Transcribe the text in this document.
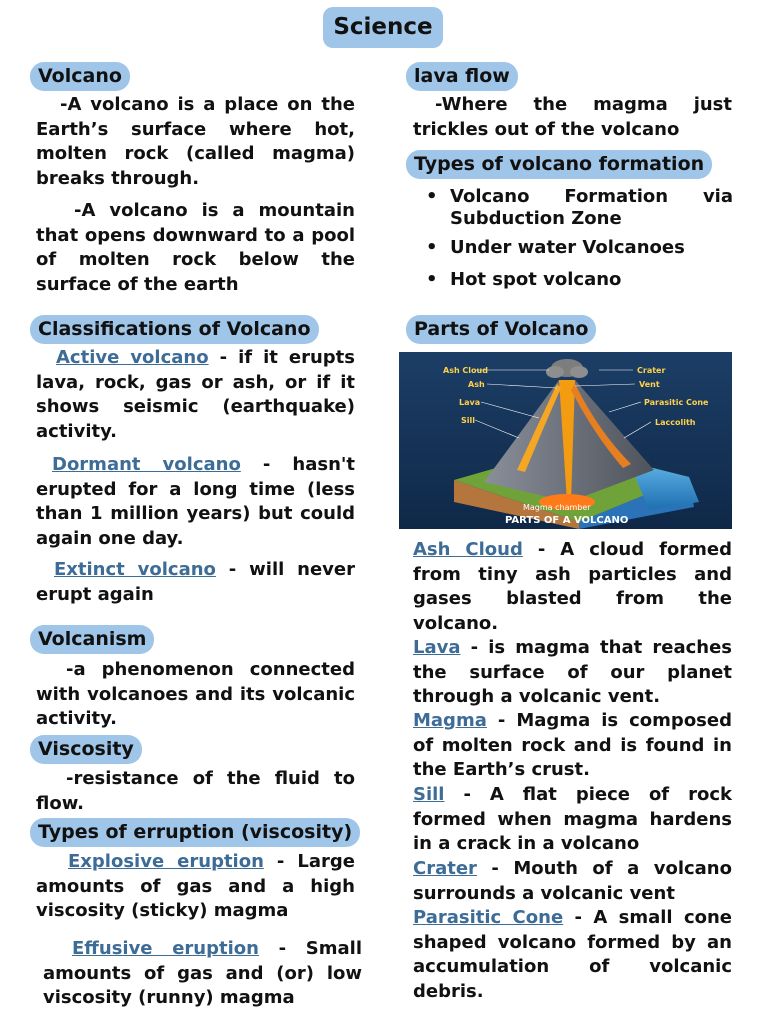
Science
Volcano

-A volcano is a place on the Earth’s surface where hot, molten rock (called magma) breaks through.

-A volcano is a mountain that opens downward to a pool of molten rock below the surface of the earth

Classifications of Volcano

Active volcano - if it erupts lava, rock, gas or ash, or if it shows seismic (earthquake) activity.

Dormant volcano - hasn't erupted for a long time (less than 1 million years) but could again one day.

Extinct volcano - will never erupt again

Volcanism

-a phenomenon connected with volcanoes and its volcanic activity.

Viscosity

-resistance of the fluid to flow.

Types of erruption (viscosity)

Explosive eruption - Large amounts of gas and a high viscosity (sticky) magma

Effusive eruption - Small amounts of gas and (or) low viscosity (runny) magma

lava flow

-Where the magma just trickles out of the volcano

Types of volcano formation
• Volcano Formation via Subduction Zone
• Under water Volcanoes
• Hot spot volcano
Parts of Volcano
Ash Cloud
Ash
Lava
Sill
Crater
Vent
Parasitic Cone
Laccolith
Magma chamber
PARTS OF A VOLCANO

Ash Cloud - A cloud formed from tiny ash particles and gases blasted from the volcano.

Lava - is magma that reaches the surface of our planet through a volcanic vent.

Magma - Magma is composed of molten rock and is found in the Earth’s crust.

Sill - A flat piece of rock formed when magma hardens in a crack in a volcano

Crater - Mouth of a volcano surrounds a volcanic vent

Parasitic Cone - A small cone shaped volcano formed by an accumulation of volcanic debris.
